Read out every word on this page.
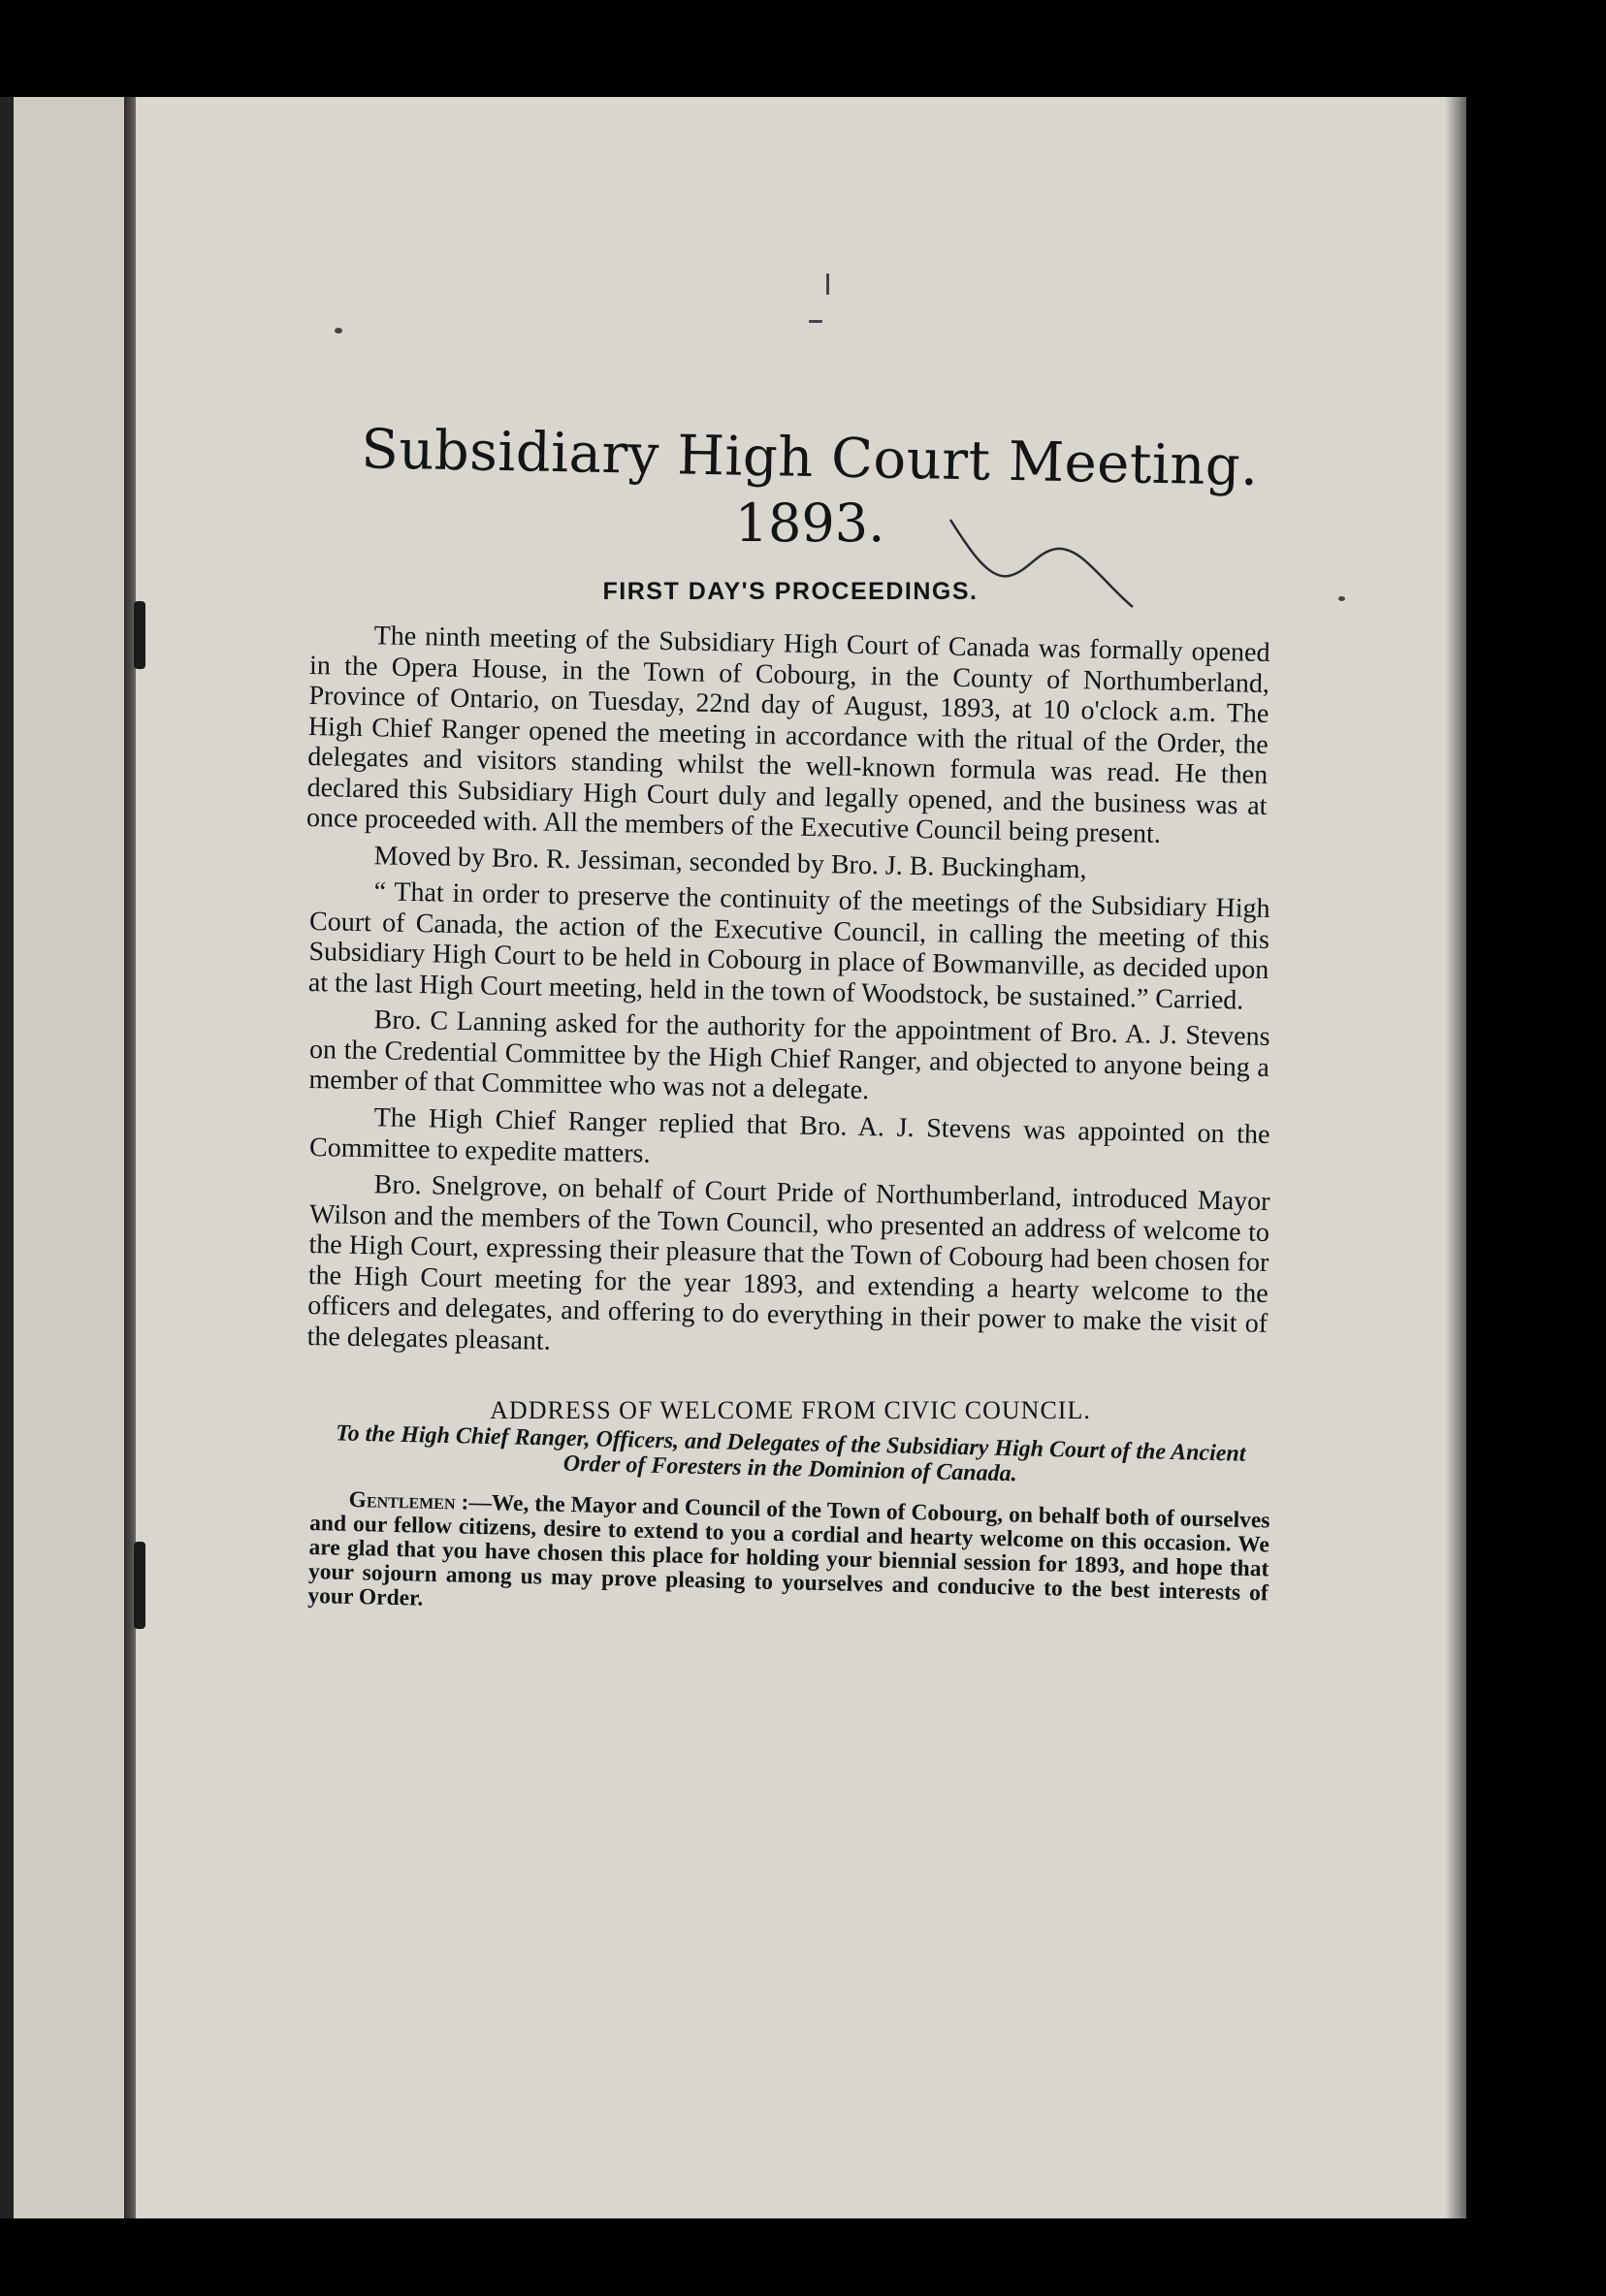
Subsidiary High Court Meeting.
1893.
FIRST DAY'S PROCEEDINGS.

The ninth meeting of the Subsidiary High Court of Canada was formally opened in the Opera House, in the Town of Cobourg, in the County of Northumberland, Province of Ontario, on Tuesday, 22nd day of August, 1893, at 10 o'clock a.m. The High Chief Ranger opened the meeting in accordance with the ritual of the Order, the delegates and visitors standing whilst the well-known formula was read. He then declared this Subsidiary High Court duly and legally opened, and the business was at once proceeded with. All the members of the Executive Council being present.

Moved by Bro. R. Jessiman, seconded by Bro. J. B. Buckingham,

“ That in order to preserve the continuity of the meetings of the Subsidiary High Court of Canada, the action of the Executive Council, in calling the meeting of this Subsidiary High Court to be held in Cobourg in place of Bowmanville, as decided upon at the last High Court meeting, held in the town of Woodstock, be sustained.” Carried.

Bro. C Lanning asked for the authority for the appointment of Bro. A. J. Stevens on the Credential Committee by the High Chief Ranger, and objected to anyone being a member of that Committee who was not a delegate.

The High Chief Ranger replied that Bro. A. J. Stevens was appointed on the Committee to expedite matters.

Bro. Snelgrove, on behalf of Court Pride of Northumberland, introduced Mayor Wilson and the members of the Town Council, who presented an address of welcome to the High Court, expressing their pleasure that the Town of Cobourg had been chosen for the High Court meeting for the year 1893, and extending a hearty welcome to the officers and delegates, and offering to do everything in their power to make the visit of the delegates pleasant.

ADDRESS OF WELCOME FROM CIVIC COUNCIL.
To the High Chief Ranger, Officers, and Delegates of the Subsidiary High Court of the Ancient Order of Foresters in the Dominion of Canada.

Gentlemen :—We, the Mayor and Council of the Town of Cobourg, on behalf both of ourselves and our fellow citizens, desire to extend to you a cordial and hearty welcome on this occasion. We are glad that you have chosen this place for holding your biennial session for 1893, and hope that your sojourn among us may prove pleasing to yourselves and conducive to the best interests of your Order.
